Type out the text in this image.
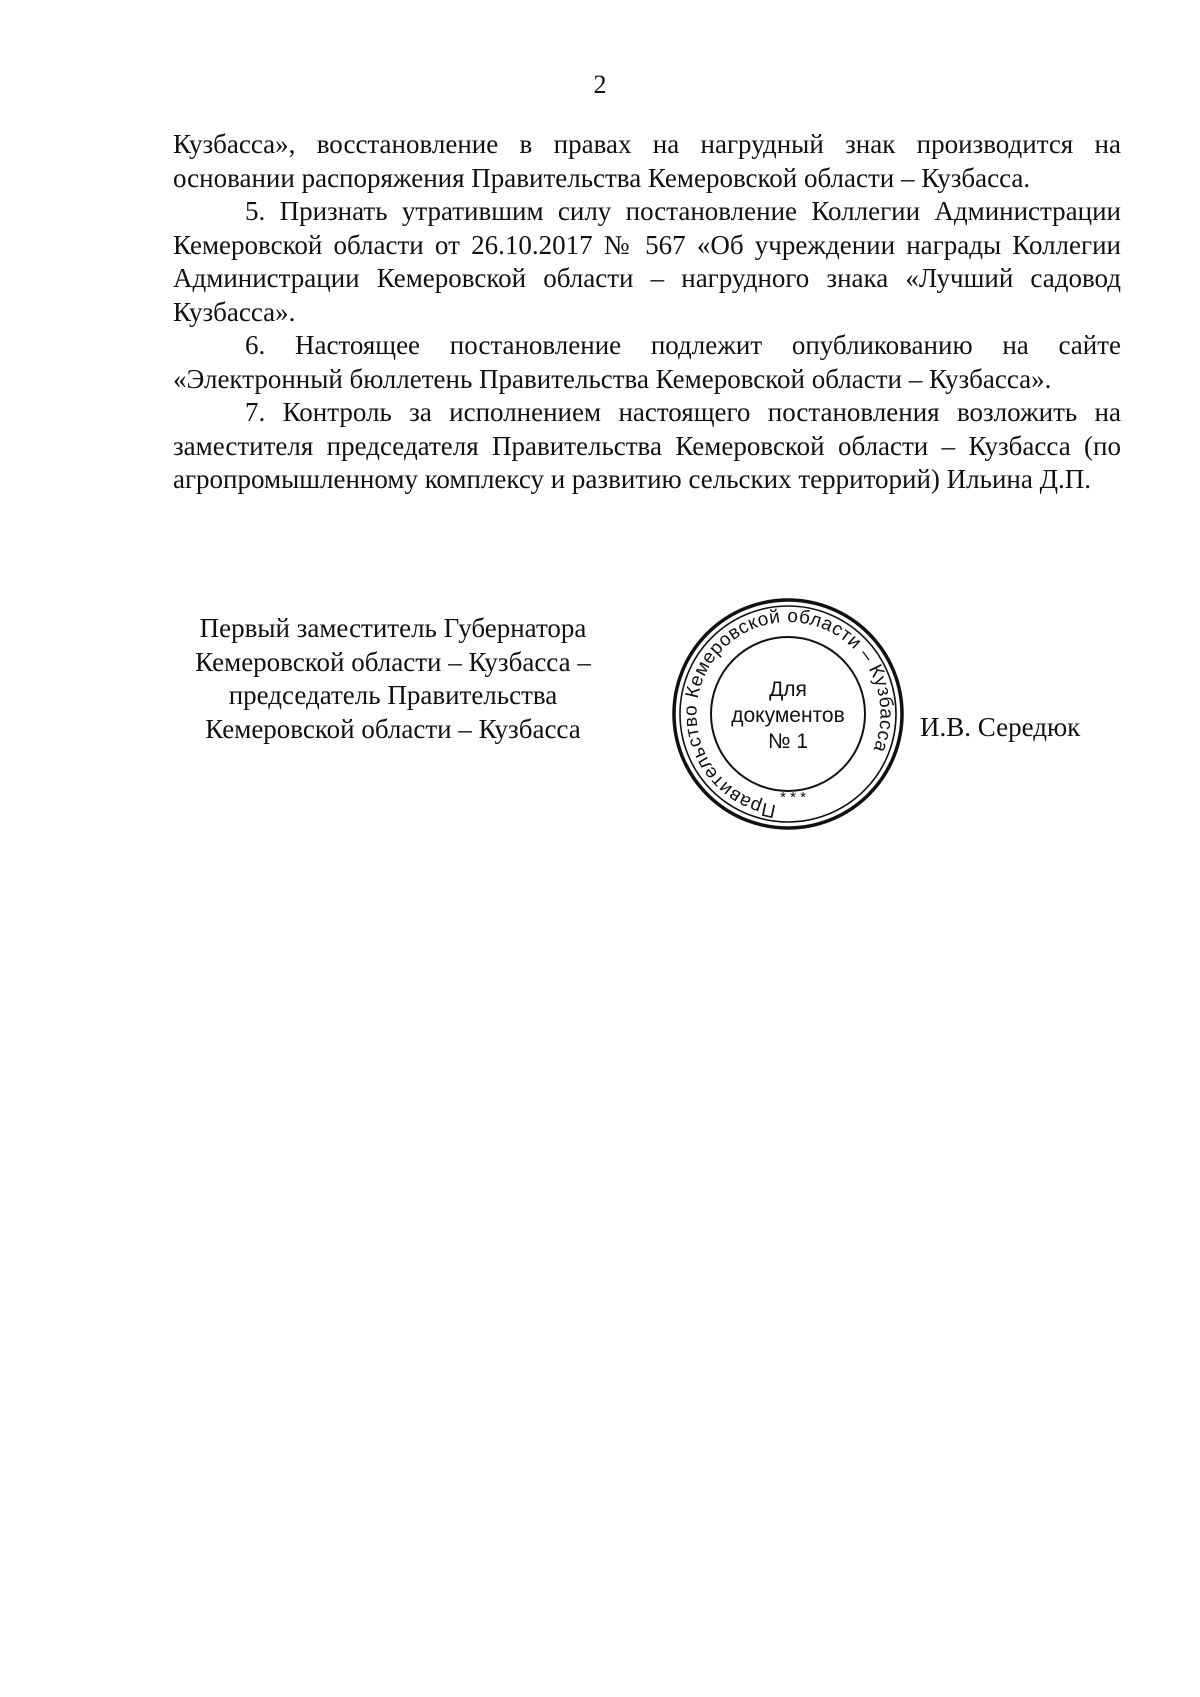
2

Кузбасса», восстановление в правах на нагрудный знак производится на основании распоряжения Правительства Кемеровской области – Кузбасса.

5. Признать утратившим силу постановление Коллегии Администрации Кемеровской области от 26.10.2017 № 567 «Об учреждении награды Коллегии Администрации Кемеровской области – нагрудного знака «Лучший садовод Кузбасса».

6. Настоящее постановление подлежит опубликованию на сайте «Электронный бюллетень Правительства Кемеровской области – Кузбасса».

7. Контроль за исполнением настоящего постановления возложить на заместителя председателя Правительства Кемеровской области – Кузбасса (по агропромышленному комплексу и развитию сельских территорий) Ильина Д.П.

Первый заместитель Губернатора
Кемеровской области – Кузбасса –
председатель Правительства
Кемеровской области – Кузбасса
Правительство Кемеровской области – Кузбасса
* * *
Для
документов
№ 1	И.В. Середюк
